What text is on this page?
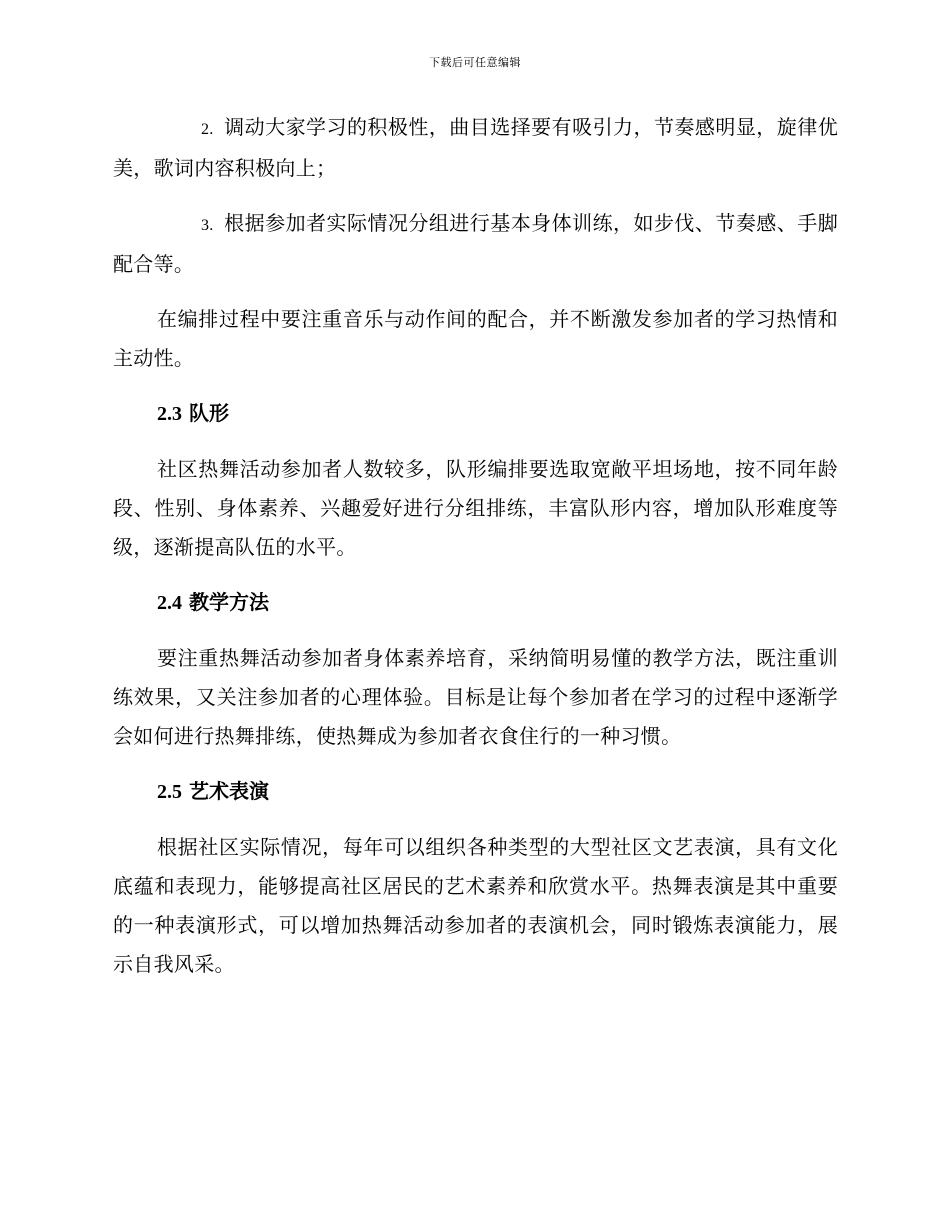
下载后可任意编辑

2. 调动大家学习的积极性，曲目选择要有吸引力，节奏感明显，旋律优美，歌词内容积极向上；

3. 根据参加者实际情况分组进行基本身体训练，如步伐、节奏感、手脚配合等。

在编排过程中要注重音乐与动作间的配合，并不断激发参加者的学习热情和主动性。

2.3 队形

社区热舞活动参加者人数较多，队形编排要选取宽敞平坦场地，按不同年龄段、性别、身体素养、兴趣爱好进行分组排练，丰富队形内容，增加队形难度等级，逐渐提高队伍的水平。

2.4 教学方法

要注重热舞活动参加者身体素养培育，采纳简明易懂的教学方法，既注重训练效果，又关注参加者的心理体验。目标是让每个参加者在学习的过程中逐渐学会如何进行热舞排练，使热舞成为参加者衣食住行的一种习惯。

2.5 艺术表演

根据社区实际情况，每年可以组织各种类型的大型社区文艺表演，具有文化底蕴和表现力，能够提高社区居民的艺术素养和欣赏水平。热舞表演是其中重要的一种表演形式，可以增加热舞活动参加者的表演机会，同时锻炼表演能力，展示自我风采。
